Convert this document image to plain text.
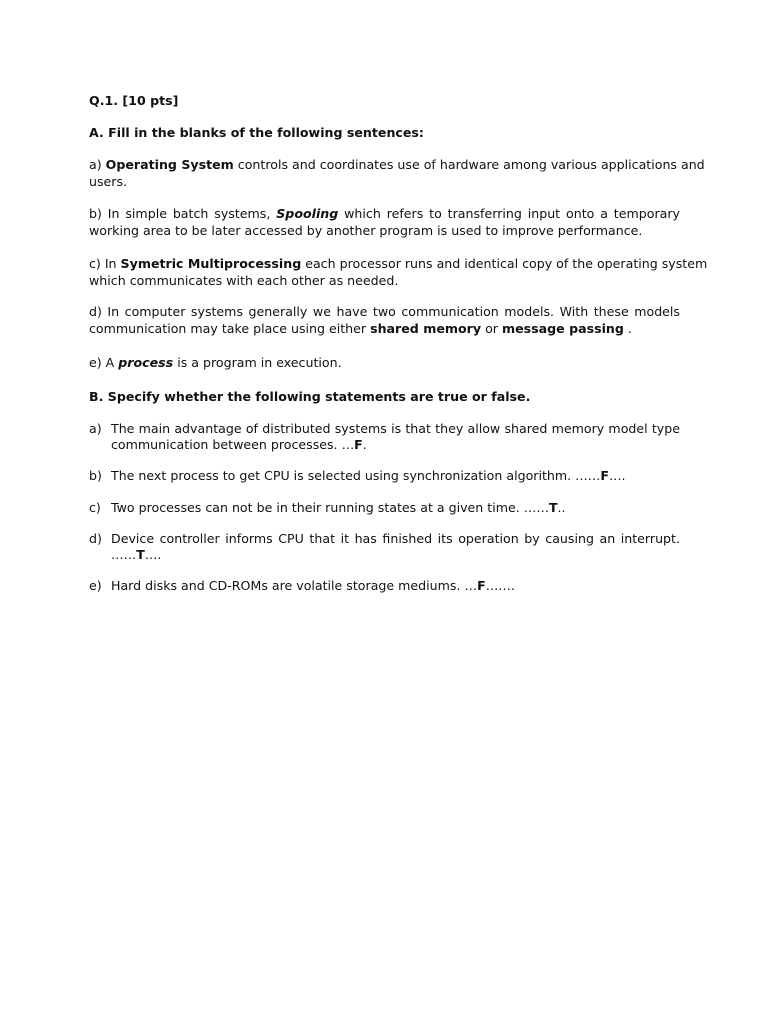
Q.1. [10 pts]
A. Fill in the blanks of the following sentences:
a) Operating System controls and coordinates use of hardware among various applications and
users.
b) In simple batch systems, Spooling which refers to transferring input onto a temporary
working area to be later accessed by another program is used to improve performance.
c) In Symetric Multiprocessing each processor runs and identical copy of the operating system
which communicates with each other as needed.
d) In computer systems generally we have two communication models. With these models
communication may take place using either shared memory or message passing .
e) A process is a program in execution.
B. Specify whether the following statements are true or false.
a) The main advantage of distributed systems is that they allow shared memory model type
communication between processes. …F.
b) The next process to get CPU is selected using synchronization algorithm. ……F….
c) Two processes can not be in their running states at a given time. ……T..
d) Device controller informs CPU that it has finished its operation by causing an interrupt.
……T….
e) Hard disks and CD-ROMs are volatile storage mediums. …F…….
